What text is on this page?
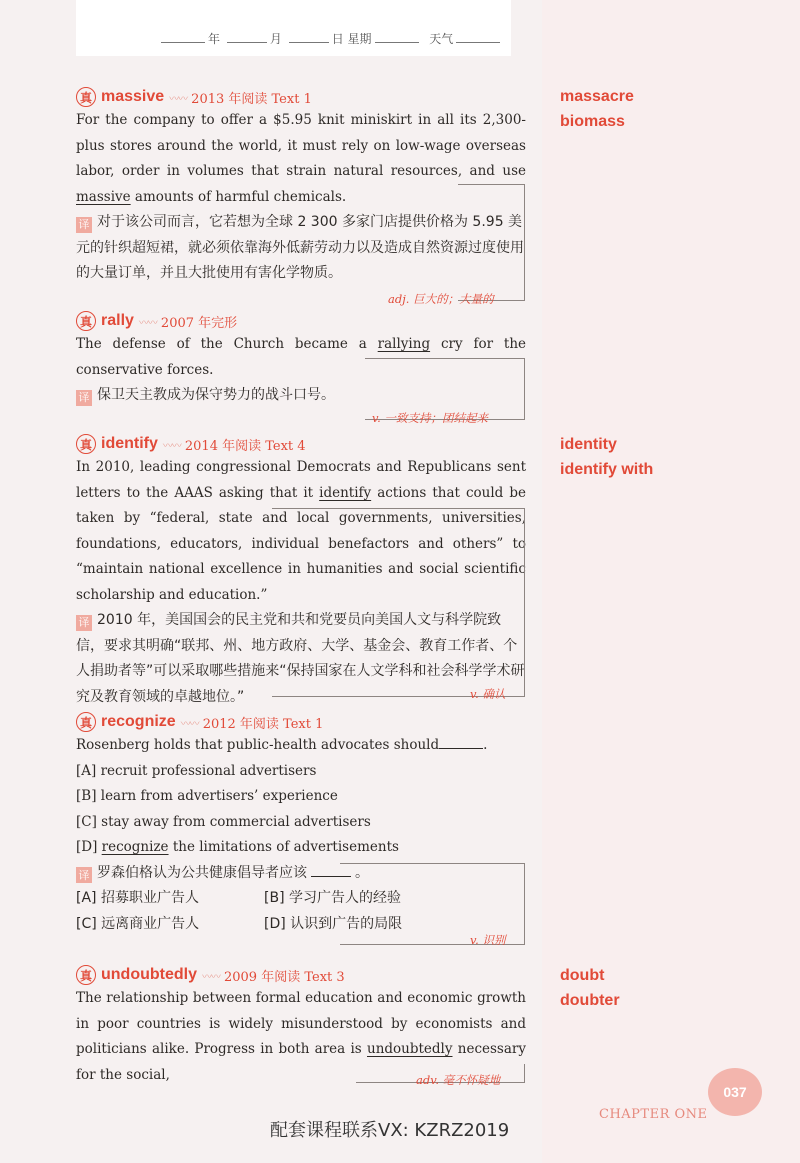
年	月	日 星期	天气
真 massive 〰〰 2013 年阅读 Text 1
For the company to offer a $5.95 knit miniskirt in all its 2,300-plus stores around the world, it must rely on low-wage overseas labor, order in volumes that strain natural resources, and use massive amounts of harmful chemicals.
译 对于该公司而言，它若想为全球 2 300 多家门店提供价格为 5.95 美元的针织超短裙，就必须依靠海外低薪劳动力以及造成自然资源过度使用的大量订单，并且大批使用有害化学物质。
adj. 巨大的；大量的
massacre
biomass
真 rally 〰〰 2007 年完形
The defense of the Church became a rallying cry for the conservative forces.
译 保卫天主教成为保守势力的战斗口号。
v. 一致支持；团结起来
真 identify 〰〰 2014 年阅读 Text 4
In 2010, leading congressional Democrats and Republicans sent letters to the AAAS asking that it identify actions that could be taken by “federal, state and local governments, universities, foundations, educators, individual benefactors and others” to “maintain national excellence in humanities and social scientific scholarship and education.”
译 2010 年，美国国会的民主党和共和党要员向美国人文与科学院致信，要求其明确“联邦、州、地方政府、大学、基金会、教育工作者、个人捐助者等”可以采取哪些措施来“保持国家在人文学科和社会科学学术研究及教育领域的卓越地位。”	v. 确认
identity
identify with
真 recognize 〰〰 2012 年阅读 Text 1
Rosenberg holds that public-health advocates should	.
[A] recruit professional advertisers
[B] learn from advertisers’ experience
[C] stay away from commercial advertisers
[D] recognize the limitations of advertisements
译 罗森伯格认为公共健康倡导者应该	。
[A] 招募职业广告人	[B] 学习广告人的经验
[C] 远离商业广告人	[D] 认识到广告的局限
v. 识别
真 undoubtedly 〰〰 2009 年阅读 Text 3
The relationship between formal education and economic growth in poor countries is widely misunderstood by economists and politicians alike. Progress in both area is undoubtedly necessary for the social,	adv. 毫不怀疑地
doubt
doubter
037
CHAPTER ONE
配套课程联系VX: KZRZ2019
